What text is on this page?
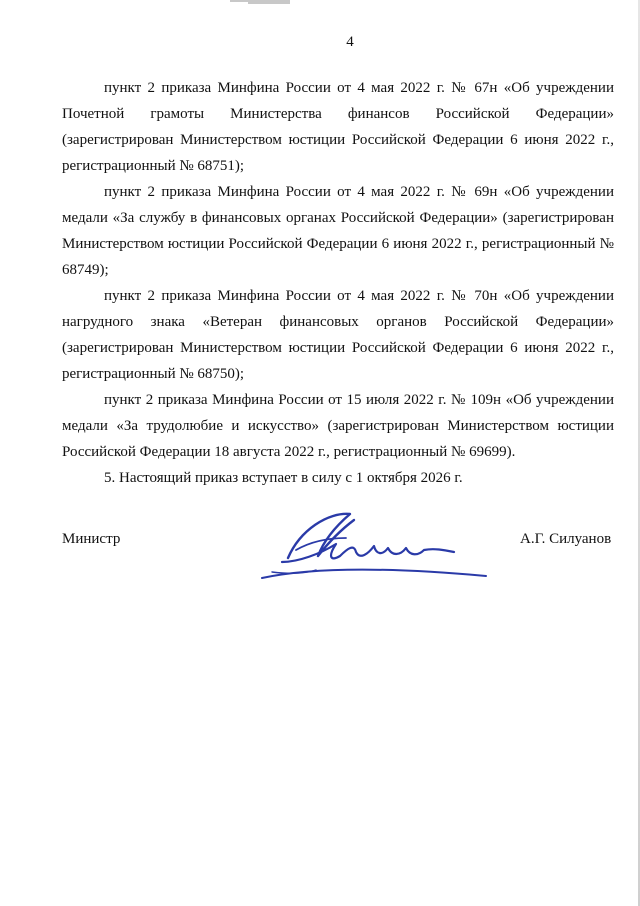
4

пункт 2 приказа Минфина России от 4 мая 2022 г. № 67н «Об учреждении Почетной грамоты Министерства финансов Российской Федерации» (зарегистрирован Министерством юстиции Российской Федерации 6 июня 2022 г., регистрационный № 68751);

пункт 2 приказа Минфина России от 4 мая 2022 г. № 69н «Об учреждении медали «За службу в финансовых органах Российской Федерации» (зарегистрирован Министерством юстиции Российской Федерации 6 июня 2022 г., регистрационный № 68749);

пункт 2 приказа Минфина России от 4 мая 2022 г. № 70н «Об учреждении нагрудного знака «Ветеран финансовых органов Российской Федерации» (зарегистрирован Министерством юстиции Российской Федерации 6 июня 2022 г., регистрационный № 68750);

пункт 2 приказа Минфина России от 15 июля 2022 г. № 109н «Об учреждении медали «За трудолюбие и искусство» (зарегистрирован Министерством юстиции Российской Федерации 18 августа 2022 г., регистрационный № 69699).

5. Настоящий приказ вступает в силу с 1 октября 2026 г.

Министр	А.Г. Силуанов
